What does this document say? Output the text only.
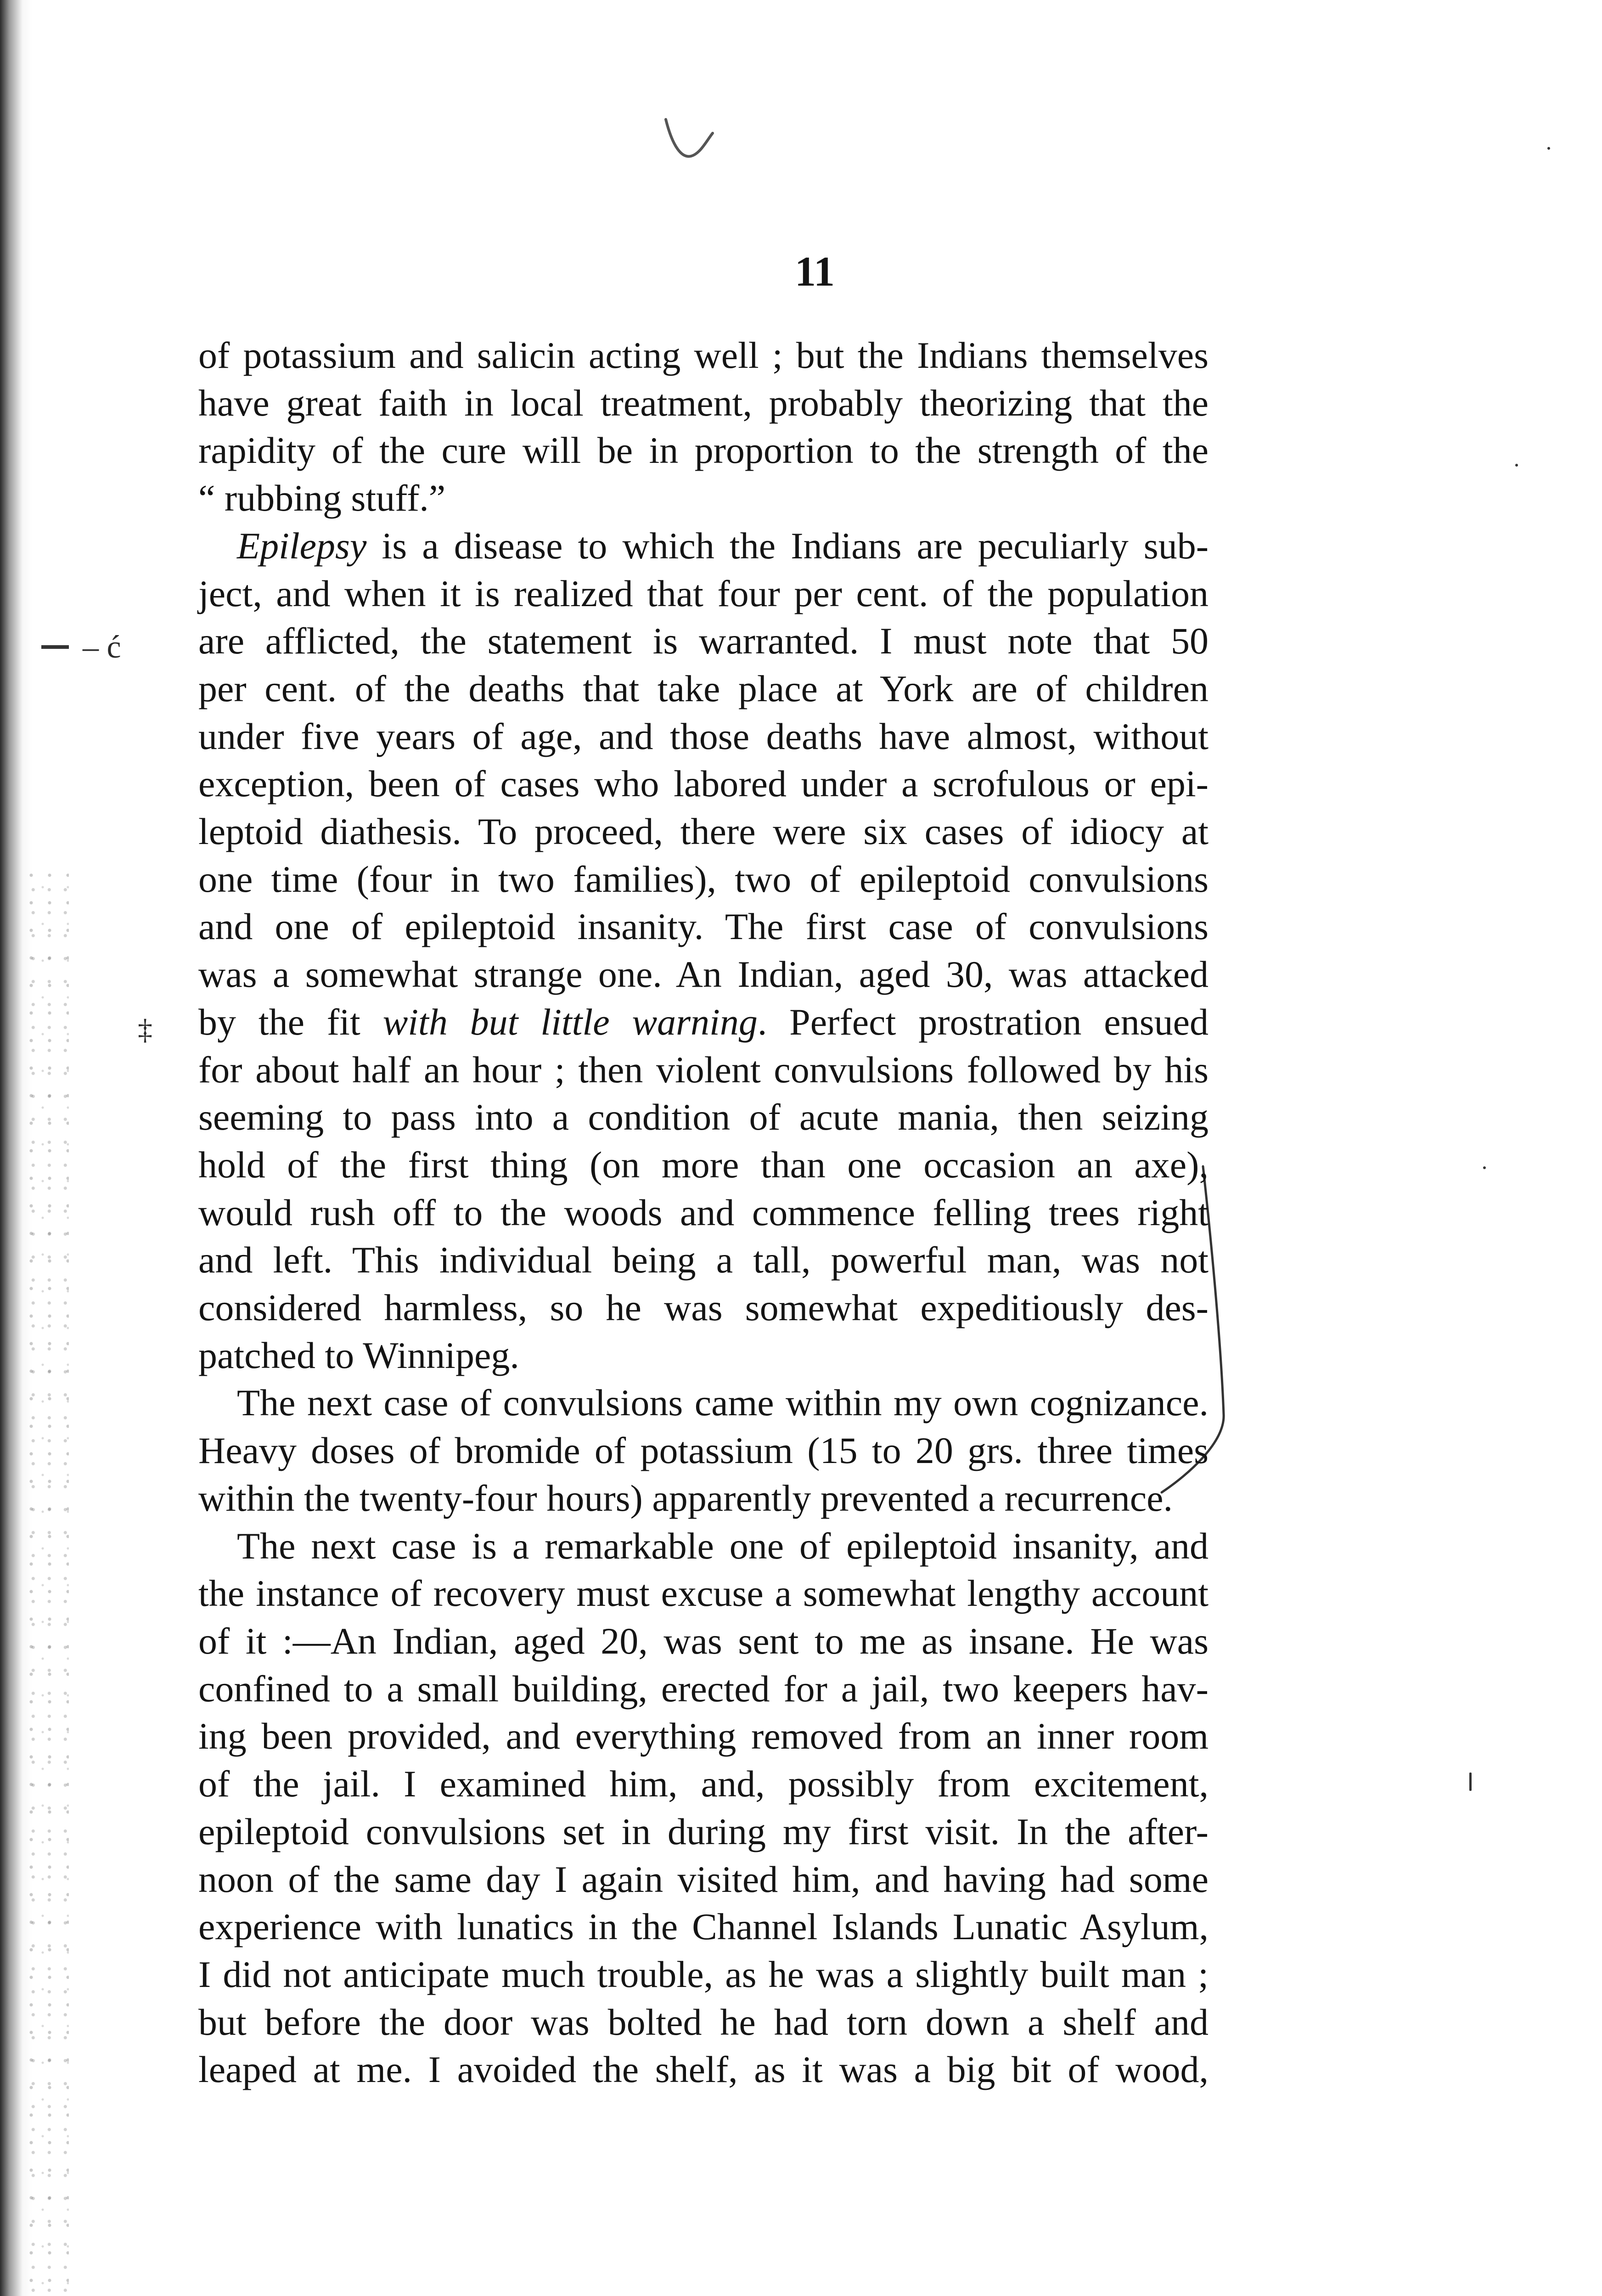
– ć
‡
11
of potassium and salicin acting well ; but the Indians themselves
have great faith in local treatment, probably theorizing that the
rapidity of the cure will be in proportion to the strength of the
“ rubbing stuff.”
Epilepsy is a disease to which the Indians are peculiarly sub-
ject, and when it is realized that four per cent. of the population
are afflicted, the statement is warranted. I must note that 50
per cent. of the deaths that take place at York are of children
under five years of age, and those deaths have almost, without
exception, been of cases who labored under a scrofulous or epi-
leptoid diathesis. To proceed, there were six cases of idiocy at
one time (four in two families), two of epileptoid convulsions
and one of epileptoid insanity. The first case of convulsions
was a somewhat strange one. An Indian, aged 30, was attacked
by the fit with but little warning. Perfect prostration ensued
for about half an hour ; then violent convulsions followed by his
seeming to pass into a condition of acute mania, then seizing
hold of the first thing (on more than one occasion an axe),
would rush off to the woods and commence felling trees right
and left. This individual being a tall, powerful man, was not
considered harmless, so he was somewhat expeditiously des-
patched to Winnipeg.
The next case of convulsions came within my own cognizance.
Heavy doses of bromide of potassium (15 to 20 grs. three times
within the twenty-four hours) apparently prevented a recurrence.
The next case is a remarkable one of epileptoid insanity, and
the instance of recovery must excuse a somewhat lengthy account
of it :—An Indian, aged 20, was sent to me as insane. He was
confined to a small building, erected for a jail, two keepers hav-
ing been provided, and everything removed from an inner room
of the jail. I examined him, and, possibly from excitement,
epileptoid convulsions set in during my first visit. In the after-
noon of the same day I again visited him, and having had some
experience with lunatics in the Channel Islands Lunatic Asylum,
I did not anticipate much trouble, as he was a slightly built man ;
but before the door was bolted he had torn down a shelf and
leaped at me. I avoided the shelf, as it was a big bit of wood,
